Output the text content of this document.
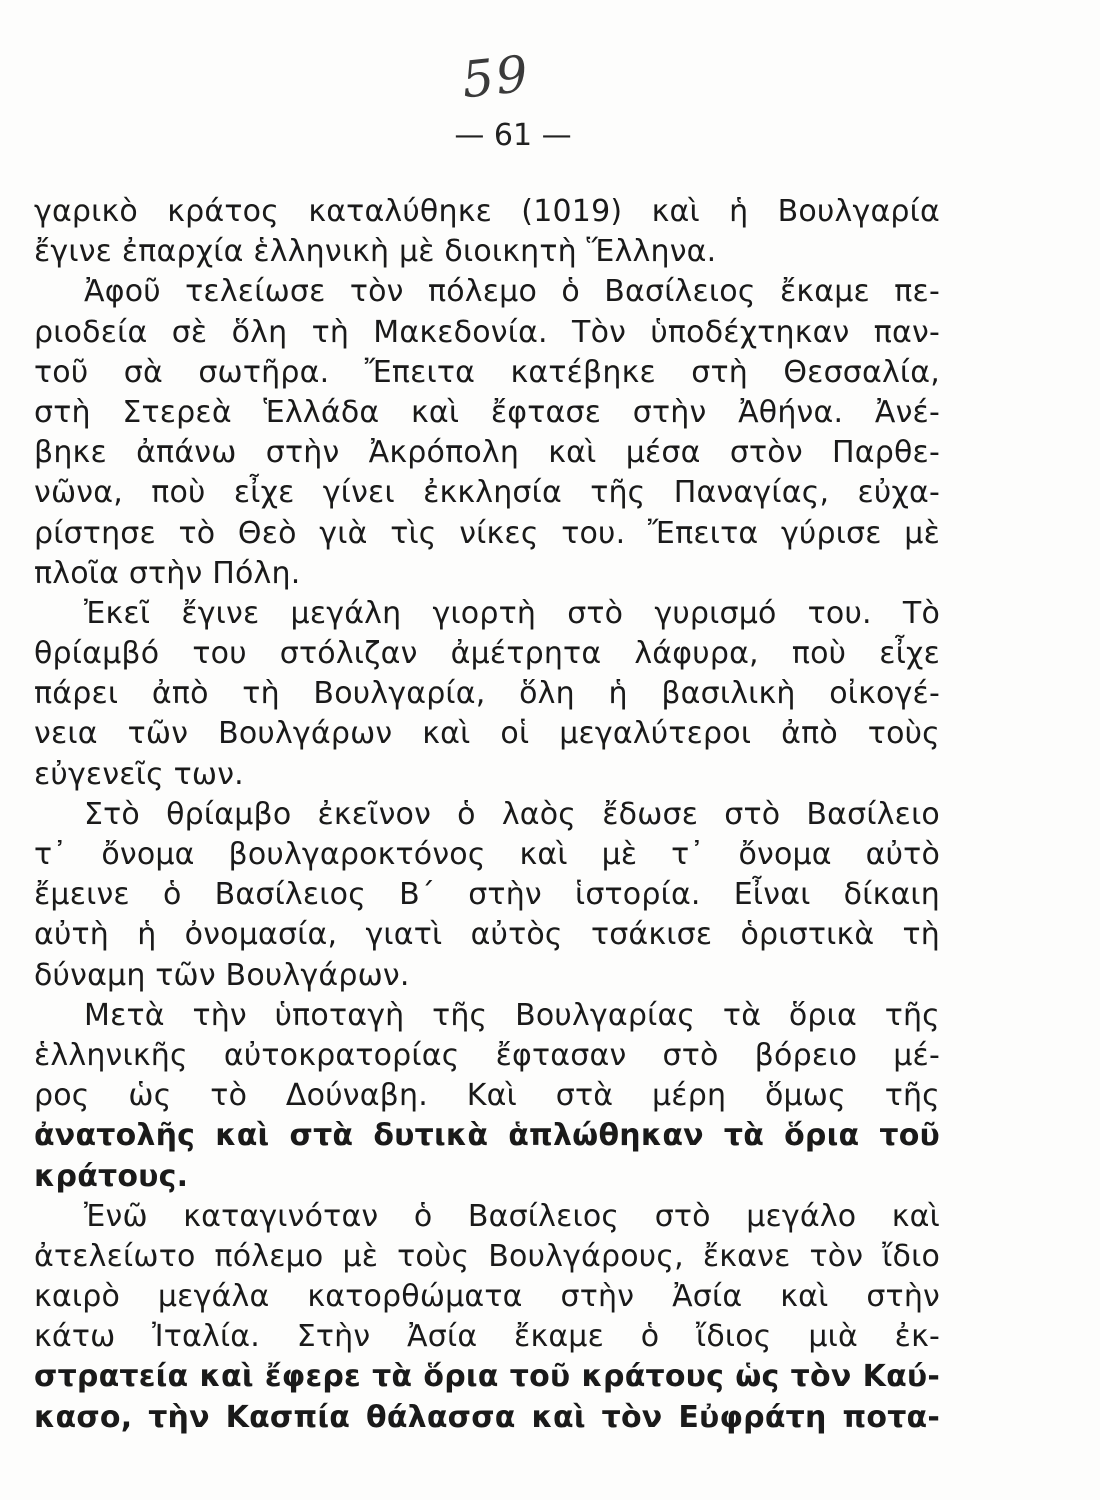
59
— 61 —
γαρικὸ κράτος καταλύθηκε (1019) καὶ ἡ Βουλγαρία
ἔγινε ἐπαρχία ἑλληνικὴ μὲ διοικητὴ Ἕλληνα.
Ἀφοῦ τελείωσε τὸν πόλεμο ὁ Βασίλειος ἔκαμε πε-
ριοδεία σὲ ὅλη τὴ Μακεδονία. Τὸν ὑποδέχτηκαν παν-
τοῦ σὰ σωτῆρα. Ἔπειτα κατέβηκε στὴ Θεσσαλία,
στὴ Στερεὰ Ἑλλάδα καὶ ἔφτασε στὴν Ἀθήνα. Ἀνέ-
βηκε ἀπάνω στὴν Ἀκρόπολη καὶ μέσα στὸν Παρθε-
νῶνα, ποὺ εἶχε γίνει ἐκκλησία τῆς Παναγίας, εὐχα-
ρίστησε τὸ Θεὸ γιὰ τὶς νίκες του. Ἔπειτα γύρισε μὲ
πλοῖα στὴν Πόλη.
Ἐκεῖ ἔγινε μεγάλη γιορτὴ στὸ γυρισμό του. Τὸ
θρίαμβό του στόλιζαν ἀμέτρητα λάφυρα, ποὺ εἶχε
πάρει ἀπὸ τὴ Βουλγαρία, ὅλη ἡ βασιλικὴ οἰκογέ-
νεια τῶν Βουλγάρων καὶ οἱ μεγαλύτεροι ἀπὸ τοὺς
εὐγενεῖς των.
Στὸ θρίαμβο ἐκεῖνον ὁ λαὸς ἔδωσε στὸ Βασίλειο
τ᾽ ὄνομα βουλγαροκτόνος καὶ μὲ τ᾽ ὄνομα αὐτὸ
ἔμεινε ὁ Βασίλειος Β΄ στὴν ἱστορία. Εἶναι δίκαιη
αὐτὴ ἡ ὀνομασία, γιατὶ αὐτὸς τσάκισε ὁριστικὰ τὴ
δύναμη τῶν Βουλγάρων.
Μετὰ τὴν ὑποταγὴ τῆς Βουλγαρίας τὰ ὅρια τῆς
ἑλληνικῆς αὐτοκρατορίας ἔφτασαν στὸ βόρειο μέ-
ρος ὡς τὸ Δούναβη. Καὶ στὰ μέρη ὅμως τῆς
ἀνατολῆς καὶ στὰ δυτικὰ ἁπλώθηκαν τὰ ὅρια τοῦ
κράτους.
Ἐνῶ καταγινόταν ὁ Βασίλειος στὸ μεγάλο καὶ
ἀτελείωτο πόλεμο μὲ τοὺς Βουλγάρους, ἔκανε τὸν ἴδιο
καιρὸ μεγάλα κατορθώματα στὴν Ἀσία καὶ στὴν
κάτω Ἰταλία. Στὴν Ἀσία ἔκαμε ὁ ἴδιος μιὰ ἐκ-
στρατεία καὶ ἔφερε τὰ ὅρια τοῦ κράτους ὡς τὸν Καύ-
κασο, τὴν Κασπία θάλασσα καὶ τὸν Εὐφράτη ποτα-
